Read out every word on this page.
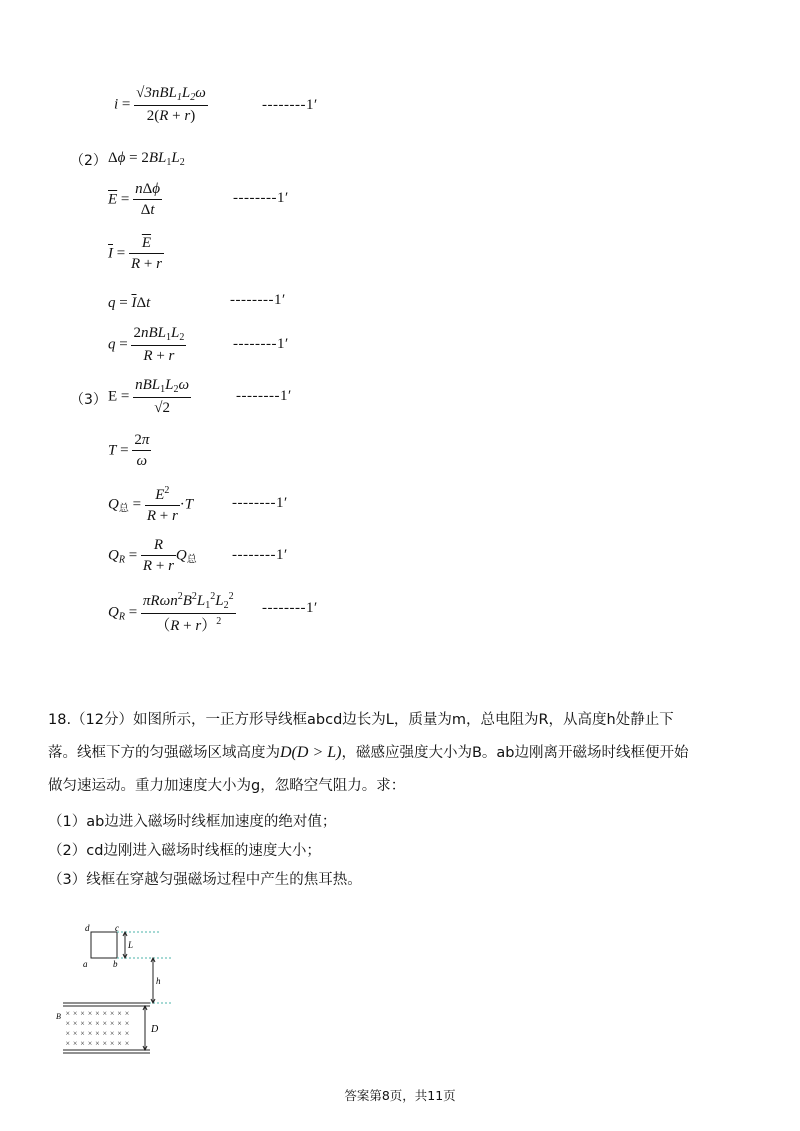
$i = \frac{√3nBL_1L_2\omega}{2(R + r)}$	--------1′
（2） $\Delta\phi = 2BL_1L_2$
$\overline{E} = \frac{\text{nΔϕ}}{\Delta t}$	--------1′
$\overline{I} = \frac{\overline{E}}{R + r}$
$q = \overline{I}\Delta t$	--------1′
$q = \frac{2nBL_1L_2}{R + r}$	--------1′
（3） $E = \frac{nBL_1L_2\omega}{√2}$	--------1′
$T = \frac{2\pi}{\omega}$
$Q_总 = \frac{E^2}{R + r} \cdot T$	--------1′
$Q_R = \frac{R}{R + r} Q_总$ --------1′
$Q_R = \frac{\pi R\omega n^2B^2L_1^2L_2^2}{(R + r)^2} --------1'$
18.（12分）如图所示，一正方形导线框abcd边长为L，质量为m，总电阻为R，从高度h处静止下
落。线框下方的匀强磁场区域高度为D(D > L)，磁感应强度大小为B。ab边刚离开磁场时线框便开始
做匀速运动。重力加速度大小为g，忽略空气阻力。求：
（1）ab边进入磁场时线框加速度的绝对值；
（2）cd边刚进入磁场时线框的速度大小；
（3）线框在穿越匀强磁场过程中产生的焦耳热。
× × × × × × × × ×
× × × × × × × × ×
× × × × × × × × ×
× × × × × × × × ×
d	c
a	b
L
h
D
B
答案第8页，共11页
